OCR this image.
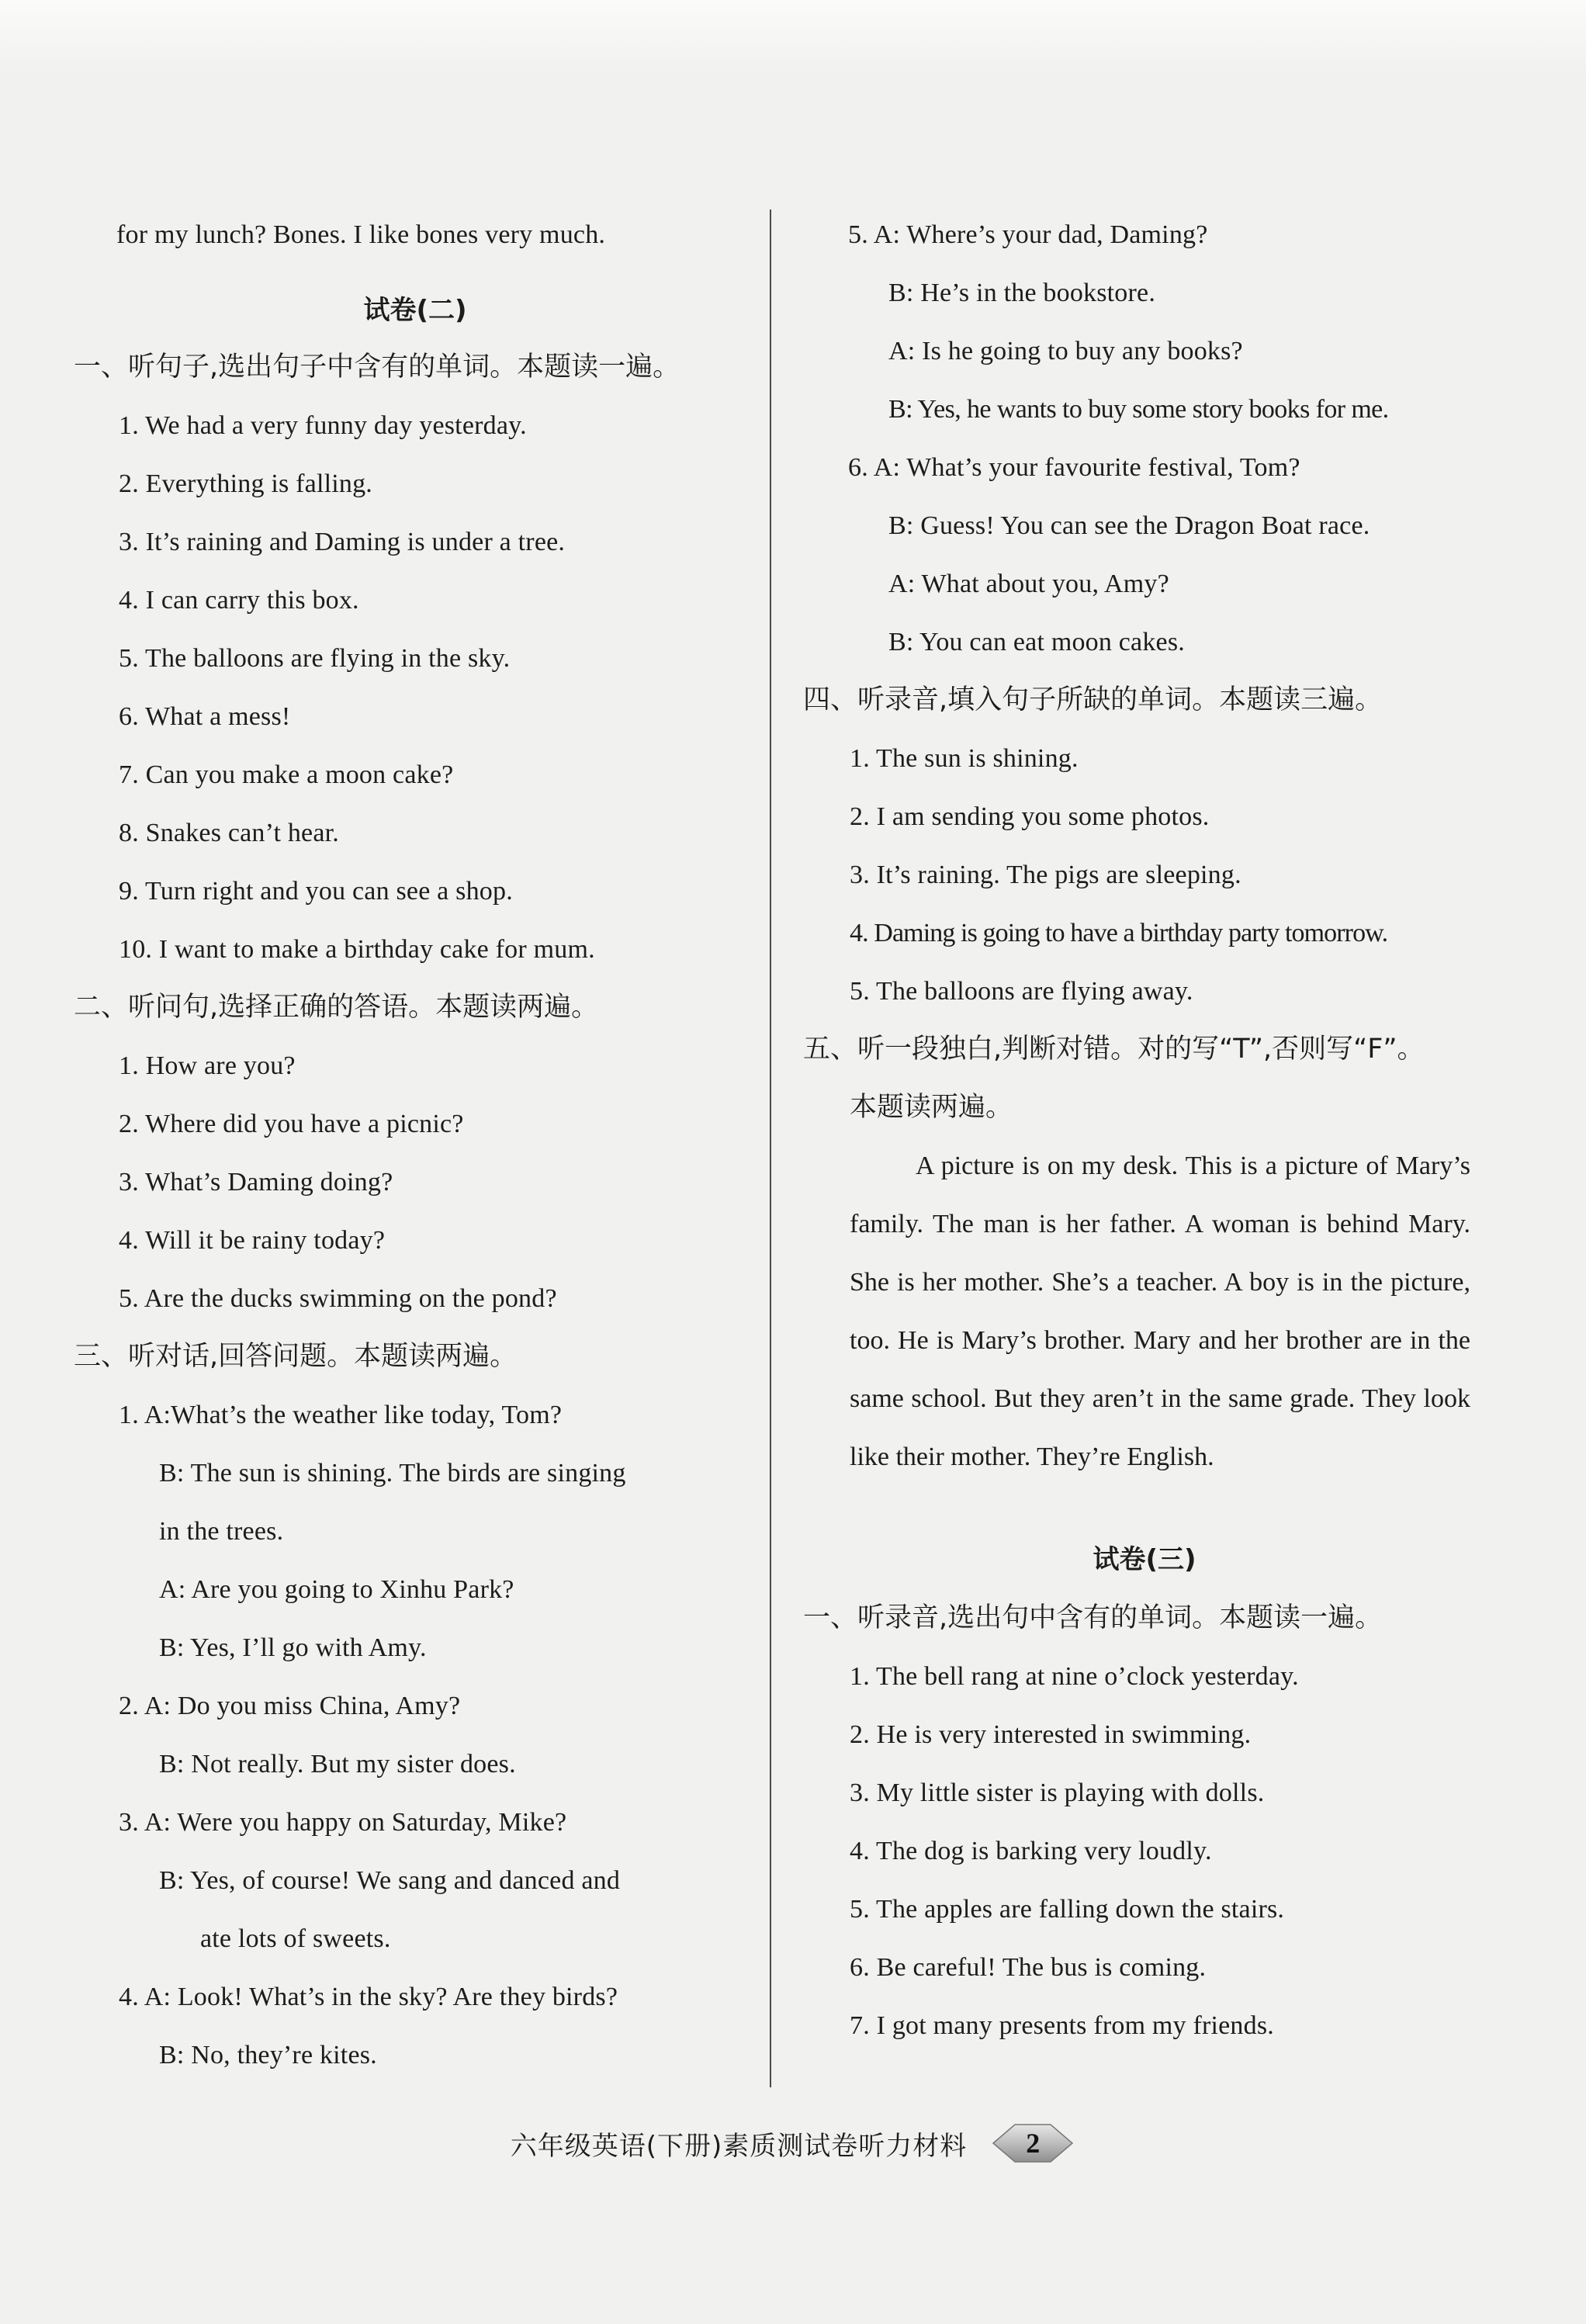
for my lunch? Bones. I like bones very much.
试卷(二)
一、听句子,选出句子中含有的单词。本题读一遍。
1. We had a very funny day yesterday.
2. Everything is falling.
3. It’s raining and Daming is under a tree.
4. I can carry this box.
5. The balloons are flying in the sky.
6. What a mess!
7. Can you make a moon cake?
8. Snakes can’t hear.
9. Turn right and you can see a shop.
10. I want to make a birthday cake for mum.
二、听问句,选择正确的答语。本题读两遍。
1. How are you?
2. Where did you have a picnic?
3. What’s Daming doing?
4. Will it be rainy today?
5. Are the ducks swimming on the pond?
三、听对话,回答问题。本题读两遍。
1. A:What’s the weather like today, Tom?
B: The sun is shining. The birds are singing
in the trees.
A: Are you going to Xinhu Park?
B: Yes, I’ll go with Amy.
2. A: Do you miss China, Amy?
B: Not really. But my sister does.
3. A: Were you happy on Saturday, Mike?
B: Yes, of course! We sang and danced and
ate lots of sweets.
4. A: Look! What’s in the sky? Are they birds?
B: No, they’re kites.
5. A: Where’s your dad, Daming?
B: He’s in the bookstore.
A: Is he going to buy any books?
B: Yes, he wants to buy some story books for me.
6. A: What’s your favourite festival, Tom?
B: Guess! You can see the Dragon Boat race.
A: What about you, Amy?
B: You can eat moon cakes.
四、听录音,填入句子所缺的单词。本题读三遍。
1. The sun is shining.
2. I am sending you some photos.
3. It’s raining. The pigs are sleeping.
4. Daming is going to have a birthday party tomorrow.
5. The balloons are flying away.
五、听一段独白,判断对错。对的写“T”,否则写“F”。
本题读两遍。
A picture is on my desk. This is a picture of Mary’s family. The man is her father. A woman is behind Mary. She is her mother. She’s a teacher. A boy is in the picture, too. He is Mary’s brother. Mary and her brother are in the same school. But they aren’t in the same grade. They look like their mother. They’re English.
试卷(三)
一、听录音,选出句中含有的单词。本题读一遍。
1. The bell rang at nine o’clock yesterday.
2. He is very interested in swimming.
3. My little sister is playing with dolls.
4. The dog is barking very loudly.
5. The apples are falling down the stairs.
6. Be careful! The bus is coming.
7. I got many presents from my friends.
六年级英语(下册)素质测试卷听力材料 2
